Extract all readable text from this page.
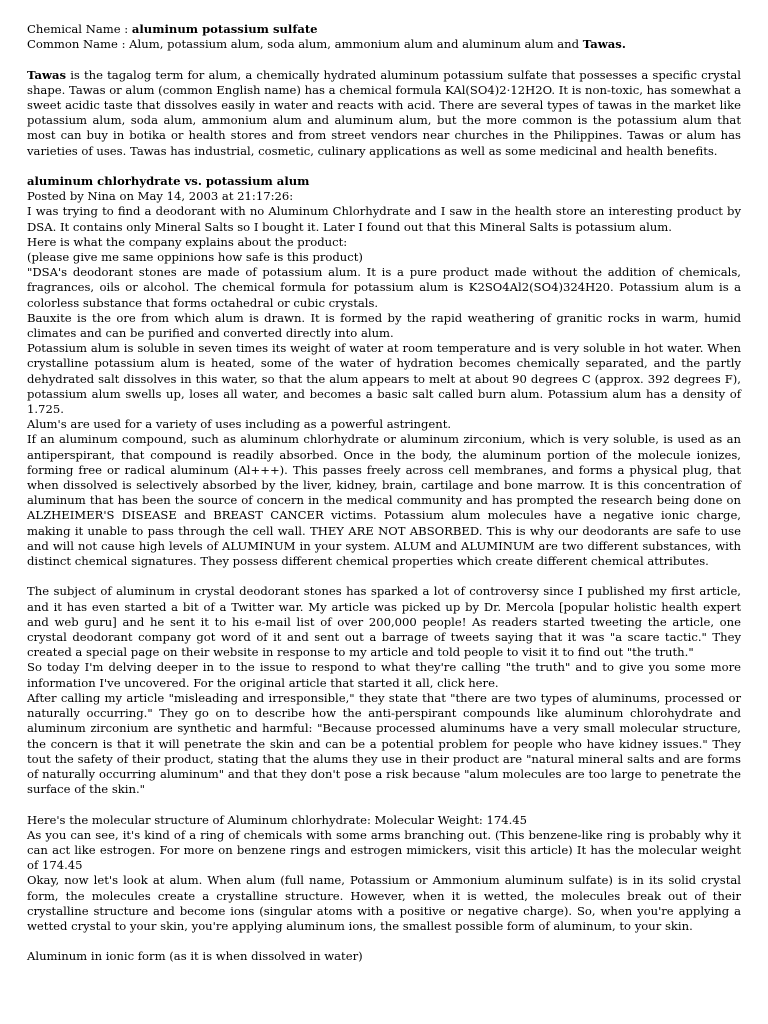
Chemical Name : aluminum potassium sulfate

Common Name : Alum, potassium alum, soda alum, ammonium alum and aluminum alum and Tawas.

Tawas is the tagalog term for alum, a chemically hydrated aluminum potassium sulfate that possesses a specific crystal shape. Tawas or alum (common English name) has a chemical formula KAl(SO4)2·12H2O. It is non-toxic, has somewhat a sweet acidic taste that dissolves easily in water and reacts with acid. There are several types of tawas in the market like potassium alum, soda alum, ammonium alum and aluminum alum, but the more common is the potassium alum that most can buy in botika or health stores and from street vendors near churches in the Philippines. Tawas or alum has varieties of uses. Tawas has industrial, cosmetic, culinary applications as well as some medicinal and health benefits.

aluminum chlorhydrate vs. potassium alum

Posted by Nina on May 14, 2003 at 21:17:26:

I was trying to find a deodorant with no Aluminum Chlorhydrate and I saw in the health store an interesting product by DSA. It contains only Mineral Salts so I bought it. Later I found out that this Mineral Salts is potassium alum.

Here is what the company explains about the product:

(please give me same oppinions how safe is this product)

"DSA's deodorant stones are made of potassium alum. It is a pure product made without the addition of chemicals, fragrances, oils or alcohol. The chemical formula for potassium alum is K2SO4Al2(SO4)324H20. Potassium alum is a colorless substance that forms octahedral or cubic crystals.

Bauxite is the ore from which alum is drawn. It is formed by the rapid weathering of granitic rocks in warm, humid climates and can be purified and converted directly into alum.

Potassium alum is soluble in seven times its weight of water at room temperature and is very soluble in hot water. When crystalline potassium alum is heated, some of the water of hydration becomes chemically separated, and the partly dehydrated salt dissolves in this water, so that the alum appears to melt at about 90 degrees C (approx. 392 degrees F), potassium alum swells up, loses all water, and becomes a basic salt called burn alum. Potassium alum has a density of 1.725.

Alum's are used for a variety of uses including as a powerful astringent.

If an aluminum compound, such as aluminum chlorhydrate or aluminum zirconium, which is very soluble, is used as an antiperspirant, that compound is readily absorbed. Once in the body, the aluminum portion of the molecule ionizes, forming free or radical aluminum (Al+++). This passes freely across cell membranes, and forms a physical plug, that when dissolved is selectively absorbed by the liver, kidney, brain, cartilage and bone marrow. It is this concentration of aluminum that has been the source of concern in the medical community and has prompted the research being done on ALZHEIMER'S DISEASE and BREAST CANCER victims. Potassium alum molecules have a negative ionic charge, making it unable to pass through the cell wall. THEY ARE NOT ABSORBED. This is why our deodorants are safe to use and will not cause high levels of ALUMINUM in your system. ALUM and ALUMINUM are two different substances, with distinct chemical signatures. They possess different chemical properties which create different chemical attributes.

The subject of aluminum in crystal deodorant stones has sparked a lot of controversy since I published my first article, and it has even started a bit of a Twitter war. My article was picked up by Dr. Mercola [popular holistic health expert and web guru] and he sent it to his e-mail list of over 200,000 people! As readers started tweeting the article, one crystal deodorant company got word of it and sent out a barrage of tweets saying that it was "a scare tactic." They created a special page on their website in response to my article and told people to visit it to find out "the truth."

So today I'm delving deeper in to the issue to respond to what they're calling "the truth" and to give you some more information I've uncovered. For the original article that started it all, click here.

After calling my article "misleading and irresponsible," they state that "there are two types of aluminums, processed or naturally occurring." They go on to describe how the anti-perspirant compounds like aluminum chlorohydrate and aluminum zirconium are synthetic and harmful: "Because processed aluminums have a very small molecular structure, the concern is that it will penetrate the skin and can be a potential problem for people who have kidney issues." They tout the safety of their product, stating that the alums they use in their product are "natural mineral salts and are forms of naturally occurring aluminum" and that they don't pose a risk because "alum molecules are too large to penetrate the surface of the skin."

Here's the molecular structure of Aluminum chlorhydrate: Molecular Weight: 174.45

As you can see, it's kind of a ring of chemicals with some arms branching out. (This benzene-like ring is probably why it can act like estrogen. For more on benzene rings and estrogen mimickers, visit this article) It has the molecular weight of 174.45

Okay, now let's look at alum. When alum (full name, Potassium or Ammonium aluminum sulfate) is in its solid crystal form, the molecules create a crystalline structure. However, when it is wetted, the molecules break out of their crystalline structure and become ions (singular atoms with a positive or negative charge). So, when you're applying a wetted crystal to your skin, you're applying aluminum ions, the smallest possible form of aluminum, to your skin.

Aluminum in ionic form (as it is when dissolved in water)
